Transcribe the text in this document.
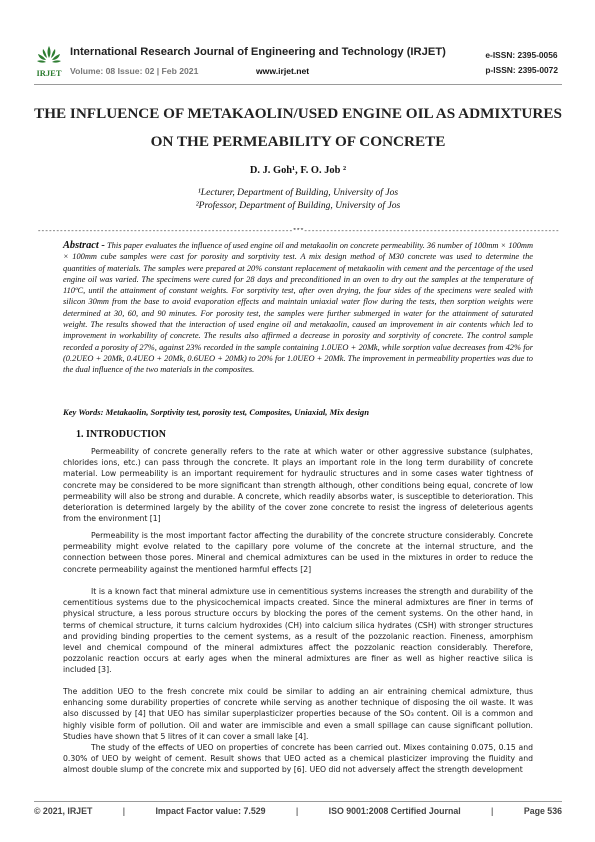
IRJET
International Research Journal of Engineering and Technology (IRJET)
Volume: 08 Issue: 02 | Feb 2021	www.irjet.net
e-ISSN: 2395-0056
p-ISSN: 2395-0072
THE INFLUENCE OF METAKAOLIN/USED ENGINE OIL AS ADMIXTURES
ON THE PERMEABILITY OF CONCRETE
D. J. Goh¹, F. O. Job ²
¹Lecturer, Department of Building, University of Jos
²Professor, Department of Building, University of Jos
---------------------------------------------------------------------***---------------------------------------------------------------------
Abstract - This paper evaluates the influence of used engine oil and metakaolin on concrete permeability. 36 number of 100mm × 100mm × 100mm cube samples were cast for porosity and sorptivity test. A mix design method of M30 concrete was used to determine the quantities of materials. The samples were prepared at 20% constant replacement of metakaolin with cement and the percentage of the used engine oil was varied. The specimens were cured for 28 days and preconditioned in an oven to dry out the samples at the temperature of 110ºC, until the attainment of constant weights. For sorptivity test, after oven drying, the four sides of the specimens were sealed with silicon 30mm from the base to avoid evaporation effects and maintain uniaxial water flow during the tests, then sorption weights were determined at 30, 60, and 90 minutes. For porosity test, the samples were further submerged in water for the attainment of saturated weight. The results showed that the interaction of used engine oil and metakaolin, caused an improvement in air contents which led to improvement in workability of concrete. The results also affirmed a decrease in porosity and sorptivity of concrete. The control sample recorded a porosity of 27%, against 23% recorded in the sample containing 1.0UEO + 20Mk, while sorption value decreases from 42% for (0.2UEO + 20Mk, 0.4UEO + 20Mk, 0.6UEO + 20Mk) to 20% for 1.0UEO + 20Mk. The improvement in permeability properties was due to the dual influence of the two materials in the composites.
Key Words: Metakaolin, Sorptivity test, porosity test, Composites, Uniaxial, Mix design
1. INTRODUCTION
Permeability of concrete generally refers to the rate at which water or other aggressive substance (sulphates, chlorides ions, etc.) can pass through the concrete. It plays an important role in the long term durability of concrete material. Low permeability is an important requirement for hydraulic structures and in some cases water tightness of concrete may be considered to be more significant than strength although, other conditions being equal, concrete of low permeability will also be strong and durable. A concrete, which readily absorbs water, is susceptible to deterioration. This deterioration is determined largely by the ability of the cover zone concrete to resist the ingress of deleterious agents from the environment [1]
Permeability is the most important factor affecting the durability of the concrete structure considerably. Concrete permeability might evolve related to the capillary pore volume of the concrete at the internal structure, and the connection between those pores. Mineral and chemical admixtures can be used in the mixtures in order to reduce the concrete permeability against the mentioned harmful effects [2]
It is a known fact that mineral admixture use in cementitious systems increases the strength and durability of the cementitious systems due to the physicochemical impacts created. Since the mineral admixtures are finer in terms of physical structure, a less porous structure occurs by blocking the pores of the cement systems. On the other hand, in terms of chemical structure, it turns calcium hydroxides (CH) into calcium silica hydrates (CSH) with stronger structures and providing binding properties to the cement systems, as a result of the pozzolanic reaction. Fineness, amorphism level and chemical compound of the mineral admixtures affect the pozzolanic reaction considerably. Therefore, pozzolanic reaction occurs at early ages when the mineral admixtures are finer as well as higher reactive silica is included [3].
The addition UEO to the fresh concrete mix could be similar to adding an air entraining chemical admixture, thus enhancing some durability properties of concrete while serving as another technique of disposing the oil waste. It was also discussed by [4] that UEO has similar superplasticizer properties because of the SO₃ content. Oil is a common and highly visible form of pollution. Oil and water are immiscible and even a small spillage can cause significant pollution. Studies have shown that 5 litres of it can cover a small lake [4].
The study of the effects of UEO on properties of concrete has been carried out. Mixes containing 0.075, 0.15 and 0.30% of UEO by weight of cement. Result shows that UEO acted as a chemical plasticizer improving the fluidity and almost double slump of the concrete mix and supported by [6]. UEO did not adversely affect the strength development
© 2021, IRJET	|	Impact Factor value: 7.529	|	ISO 9001:2008 Certified Journal	|	Page 536
